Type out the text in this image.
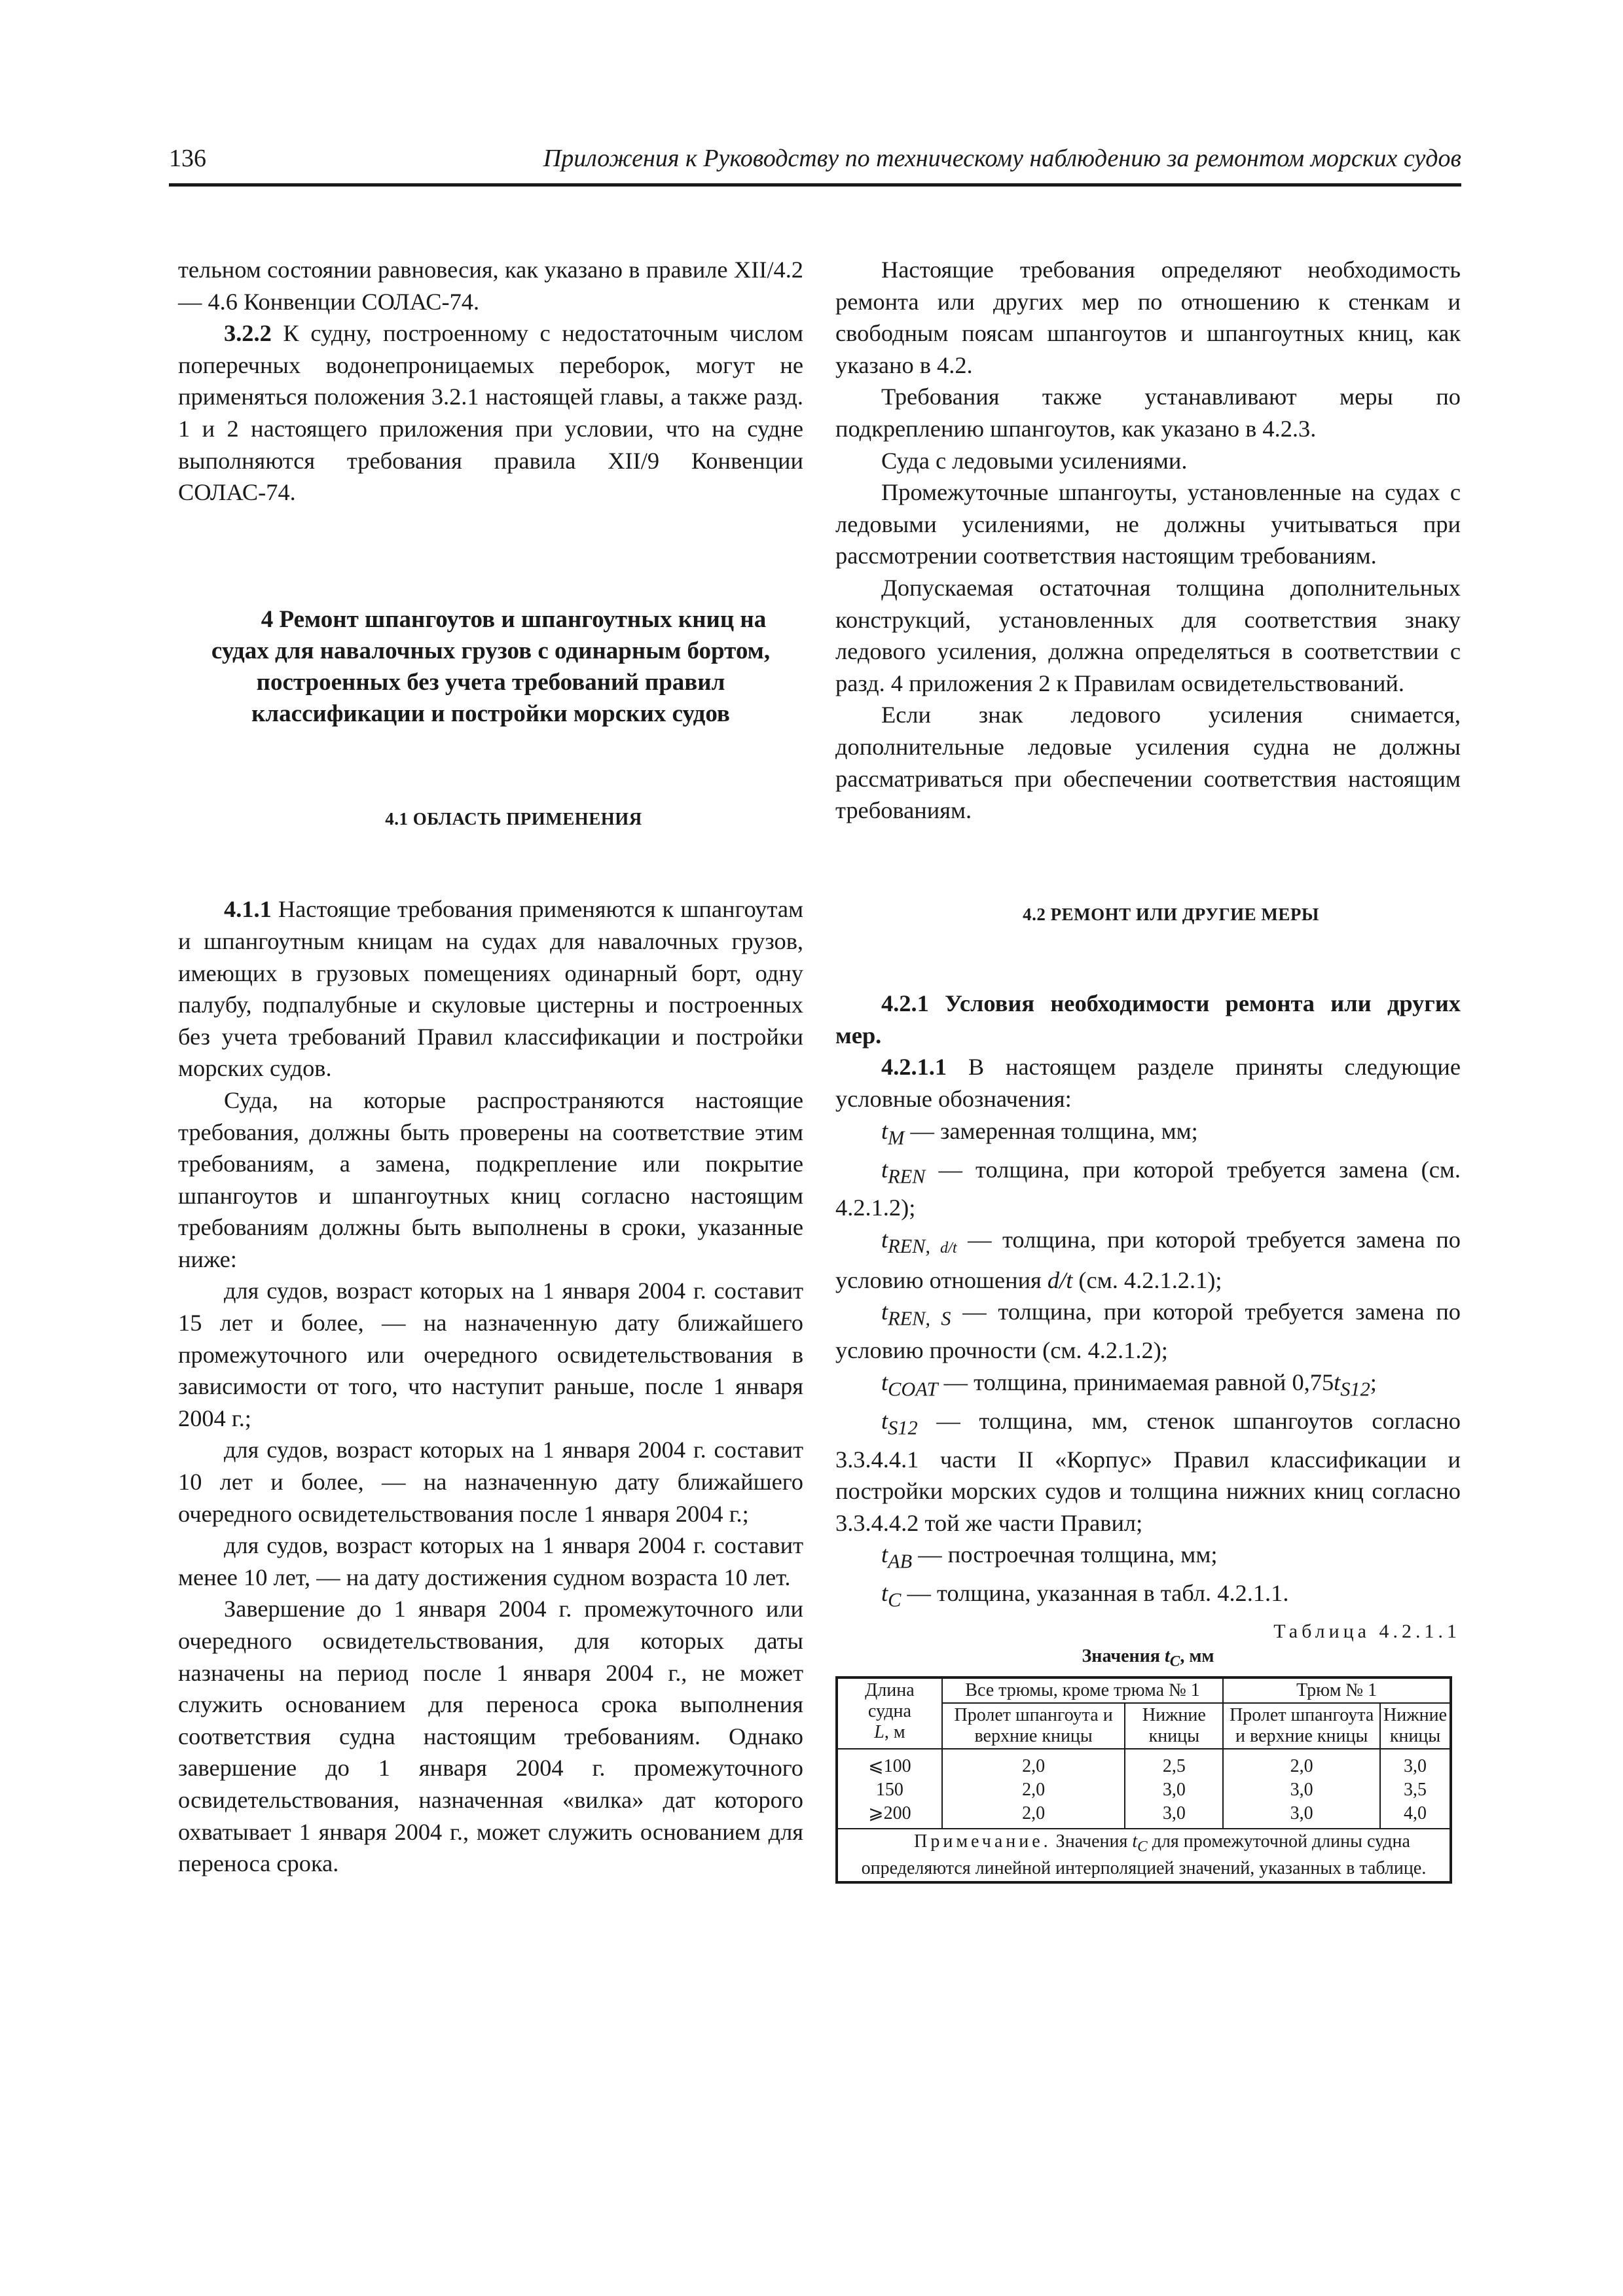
136	Приложения к Руководству по техническому наблюдению за ремонтом морских судов

тельном состоянии равновесия, как указано в правиле XII/4.2 — 4.6 Конвенции СОЛАС-74.

3.2.2 К судну, построенному с недостаточным числом поперечных водонепроницаемых переборок, могут не применяться положения 3.2.1 настоящей главы, а также разд. 1 и 2 настоящего приложения при условии, что на судне выполняются требования правила XII/9 Конвенции СОЛАС-74.

4 Ремонт шпангоутов и шпангоутных книц на судах для навалочных грузов с одинарным бортом, построенных без учета требований правил классификации и постройки морских судов

4.1 ОБЛАСТЬ ПРИМЕНЕНИЯ

4.1.1 Настоящие требования применяются к шпангоутам и шпангоутным кницам на судах для навалочных грузов, имеющих в грузовых помещениях одинарный борт, одну палубу, подпалубные и скуловые цистерны и построенных без учета требований Правил классификации и постройки морских судов.

Суда, на которые распространяются настоящие требования, должны быть проверены на соответствие этим требованиям, а замена, подкрепление или покрытие шпангоутов и шпангоутных книц согласно настоящим требованиям должны быть выполнены в сроки, указанные ниже:

для судов, возраст которых на 1 января 2004 г. составит 15 лет и более, — на назначенную дату ближайшего промежуточного или очередного освидетельствования в зависимости от того, что наступит раньше, после 1 января 2004 г.;

для судов, возраст которых на 1 января 2004 г. составит 10 лет и более, — на назначенную дату ближайшего очередного освидетельствования после 1 января 2004 г.;

для судов, возраст которых на 1 января 2004 г. составит менее 10 лет, — на дату достижения судном возраста 10 лет.

Завершение до 1 января 2004 г. промежуточного или очередного освидетельствования, для которых даты назначены на период после 1 января 2004 г., не может служить основанием для переноса срока выполнения соответствия судна настоящим требованиям. Однако завершение до 1 января 2004 г. промежуточного освидетельствования, назначенная «вилка» дат которого охватывает 1 января 2004 г., может служить основанием для переноса срока.

Настоящие требования определяют необходимость ремонта или других мер по отношению к стенкам и свободным поясам шпангоутов и шпангоутных книц, как указано в 4.2.

Требования также устанавливают меры по подкреплению шпангоутов, как указано в 4.2.3.

Суда с ледовыми усилениями.

Промежуточные шпангоуты, установленные на судах с ледовыми усилениями, не должны учитываться при рассмотрении соответствия настоящим требованиям.

Допускаемая остаточная толщина дополнительных конструкций, установленных для соответствия знаку ледового усиления, должна определяться в соответствии с разд. 4 приложения 2 к Правилам освидетельствований.

Если знак ледового усиления снимается, дополнительные ледовые усиления судна не должны рассматриваться при обеспечении соответствия настоящим требованиям.

4.2 РЕМОНТ ИЛИ ДРУГИЕ МЕРЫ

4.2.1 Условия необходимости ремонта или других мер.

4.2.1.1 В настоящем разделе приняты следующие условные обозначения:

$t_M$ — замеренная толщина, мм;

$t_{REN}$ — толщина, при которой требуется замена (см. 4.2.1.2);

$t_{REN, d/t}$ — толщина, при которой требуется замена по условию отношения d/t (см. 4.2.1.2.1);

$t_{REN, S}$ — толщина, при которой требуется замена по условию прочности (см. 4.2.1.2);

$t_{COAT}$ — толщина, принимаемая равной $0,75t_{S12}$;

$t_{S12}$ — толщина, мм, стенок шпангоутов согласно 3.3.4.4.1 части II «Корпус» Правил классификации и постройки морских судов и толщина нижних книц согласно 3.3.4.4.2 той же части Правил;

$t_{AB}$ — построечная толщина, мм;

$t_C$ — толщина, указанная в табл. 4.2.1.1.

Таблица 4.2.1.1
Значения $t_C$, мм
Длина
судна
L, м	Все трюмы, кроме трюма № 1		Трюм № 1	
	Пролет шпангоута и верхние кницы	Нижние кницы	Пролет шпангоута и верхние кницы	Нижние кницы
⩽100	2,0	2,5	2,0	3,0
150	2,0	3,0	3,0	3,5
⩾200	2,0	3,0	3,0	4,0
Примечание. Значения $t_C$ для промежуточной длины судна определяются линейной интерполяцией значений, указанных в таблице.				
